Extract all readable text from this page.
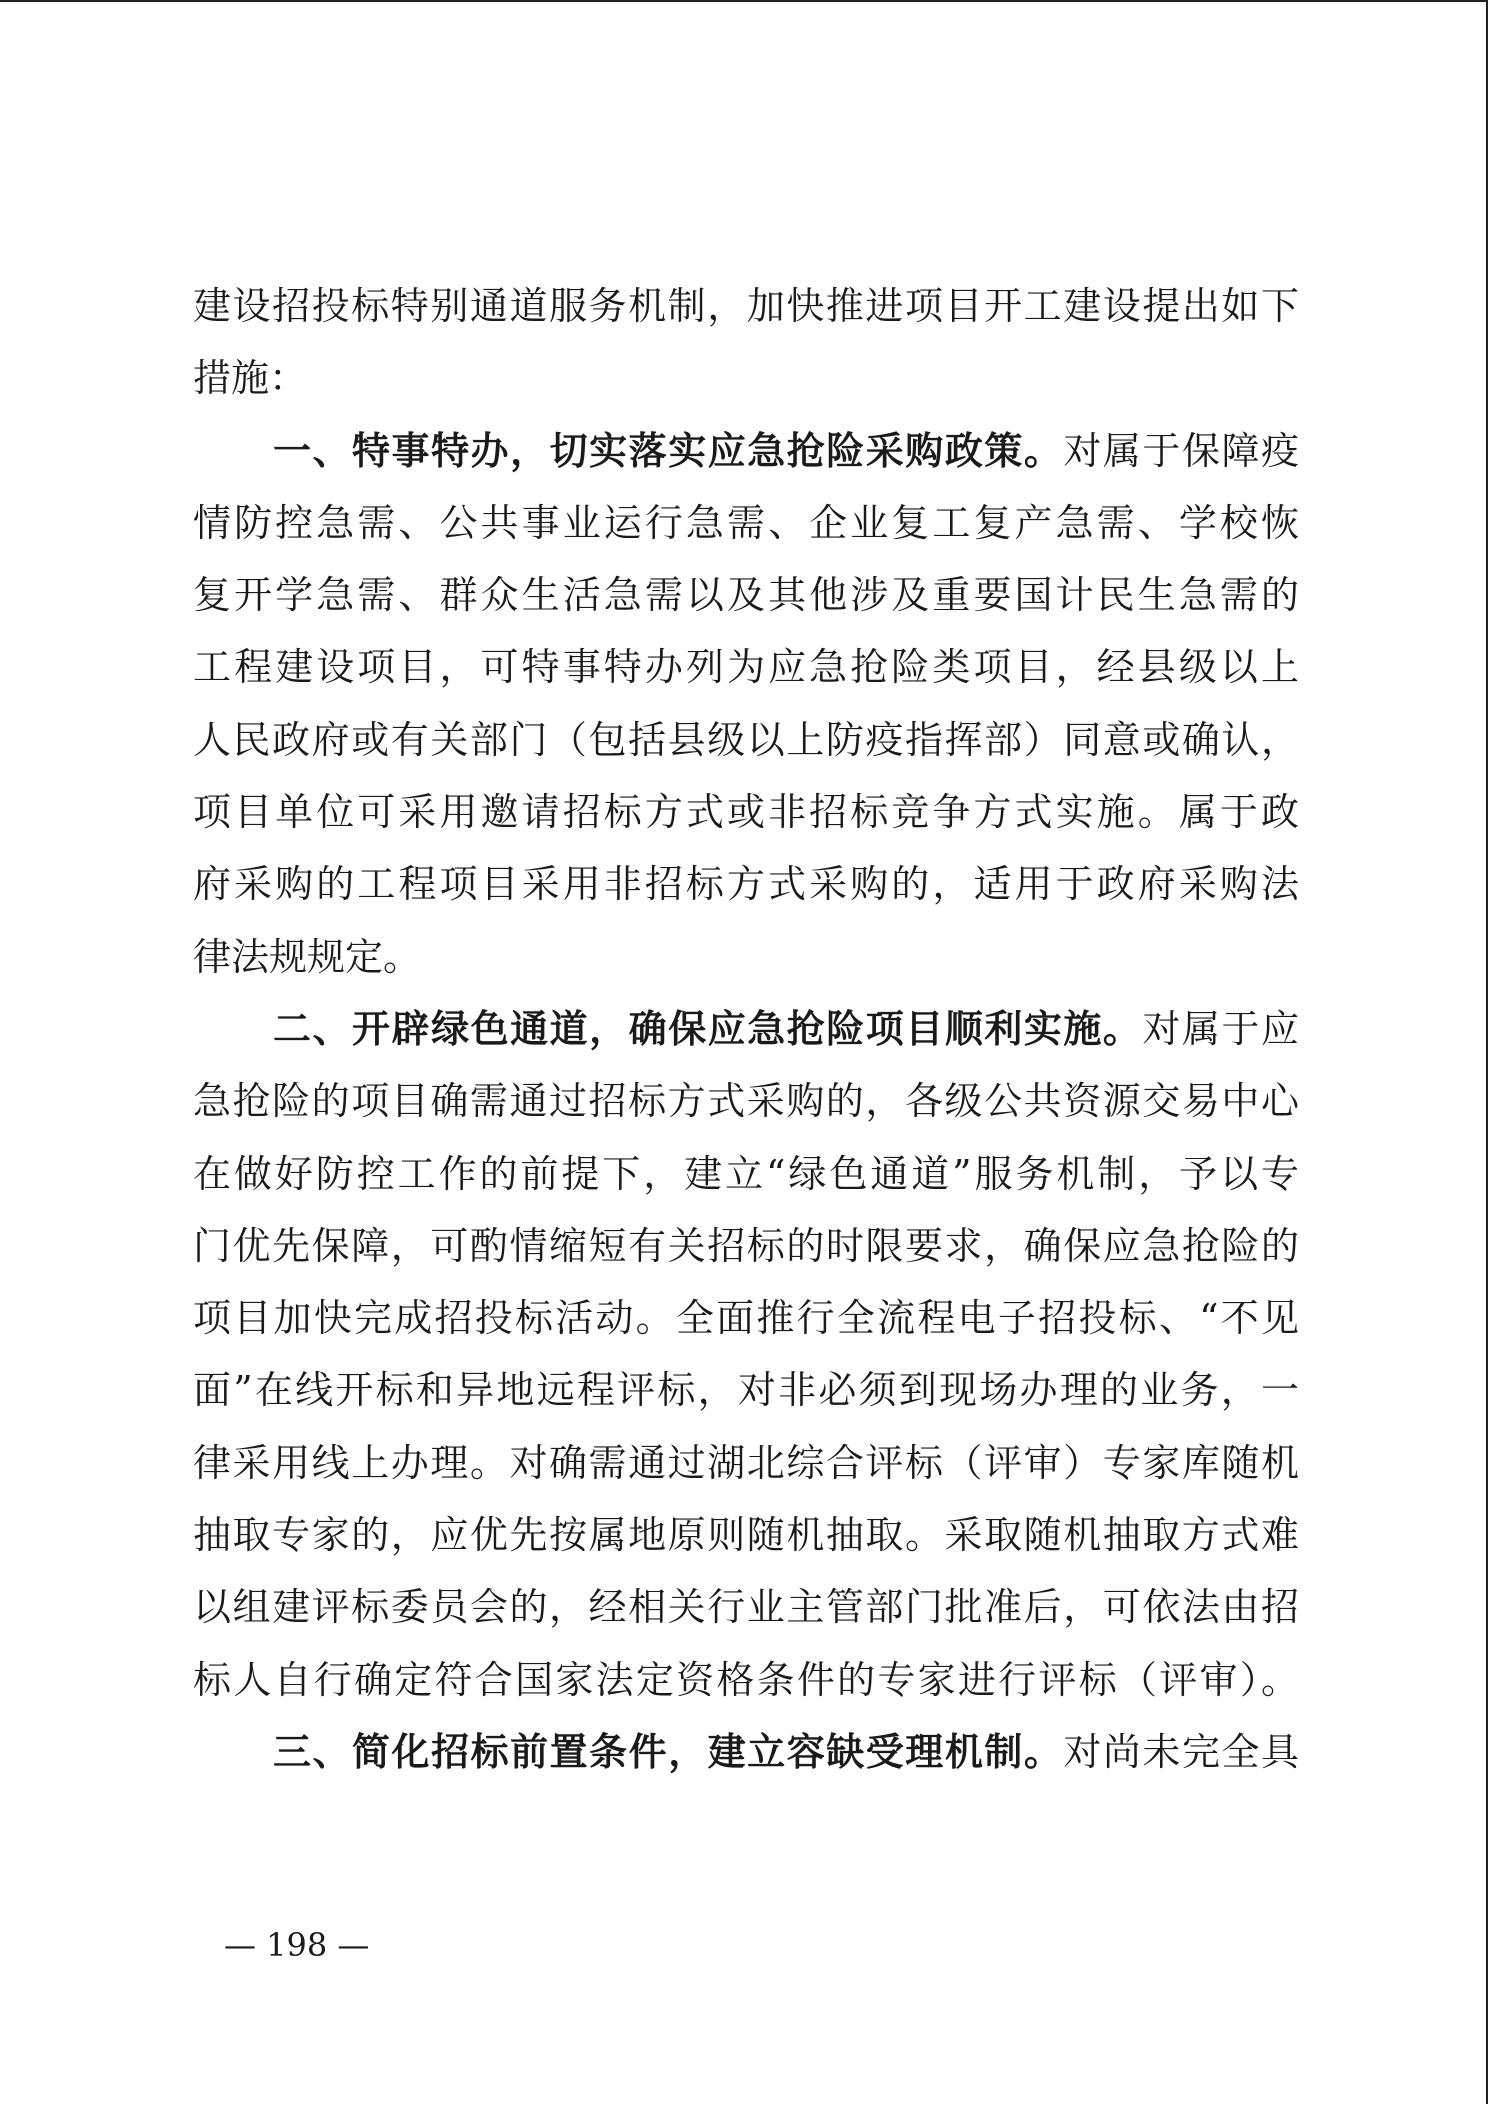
建设招投标特别通道服务机制，加快推进项目开工建设提出如下
措施：
一、特事特办，切实落实应急抢险采购政策。对属于保障疫
情防控急需、公共事业运行急需、企业复工复产急需、学校恢
复开学急需、群众生活急需以及其他涉及重要国计民生急需的
工程建设项目，可特事特办列为应急抢险类项目，经县级以上
人民政府或有关部门（包括县级以上防疫指挥部）同意或确认，
项目单位可采用邀请招标方式或非招标竞争方式实施。属于政
府采购的工程项目采用非招标方式采购的，适用于政府采购法
律法规规定。
二、开辟绿色通道，确保应急抢险项目顺利实施。对属于应
急抢险的项目确需通过招标方式采购的，各级公共资源交易中心
在做好防控工作的前提下，建立“绿色通道”服务机制，予以专
门优先保障，可酌情缩短有关招标的时限要求，确保应急抢险的
项目加快完成招投标活动。全面推行全流程电子招投标、“不见
面”在线开标和异地远程评标，对非必须到现场办理的业务，一
律采用线上办理。对确需通过湖北综合评标（评审）专家库随机
抽取专家的，应优先按属地原则随机抽取。采取随机抽取方式难
以组建评标委员会的，经相关行业主管部门批准后，可依法由招
标人自行确定符合国家法定资格条件的专家进行评标（评审）。
三、简化招标前置条件，建立容缺受理机制。对尚未完全具
— 198 —
